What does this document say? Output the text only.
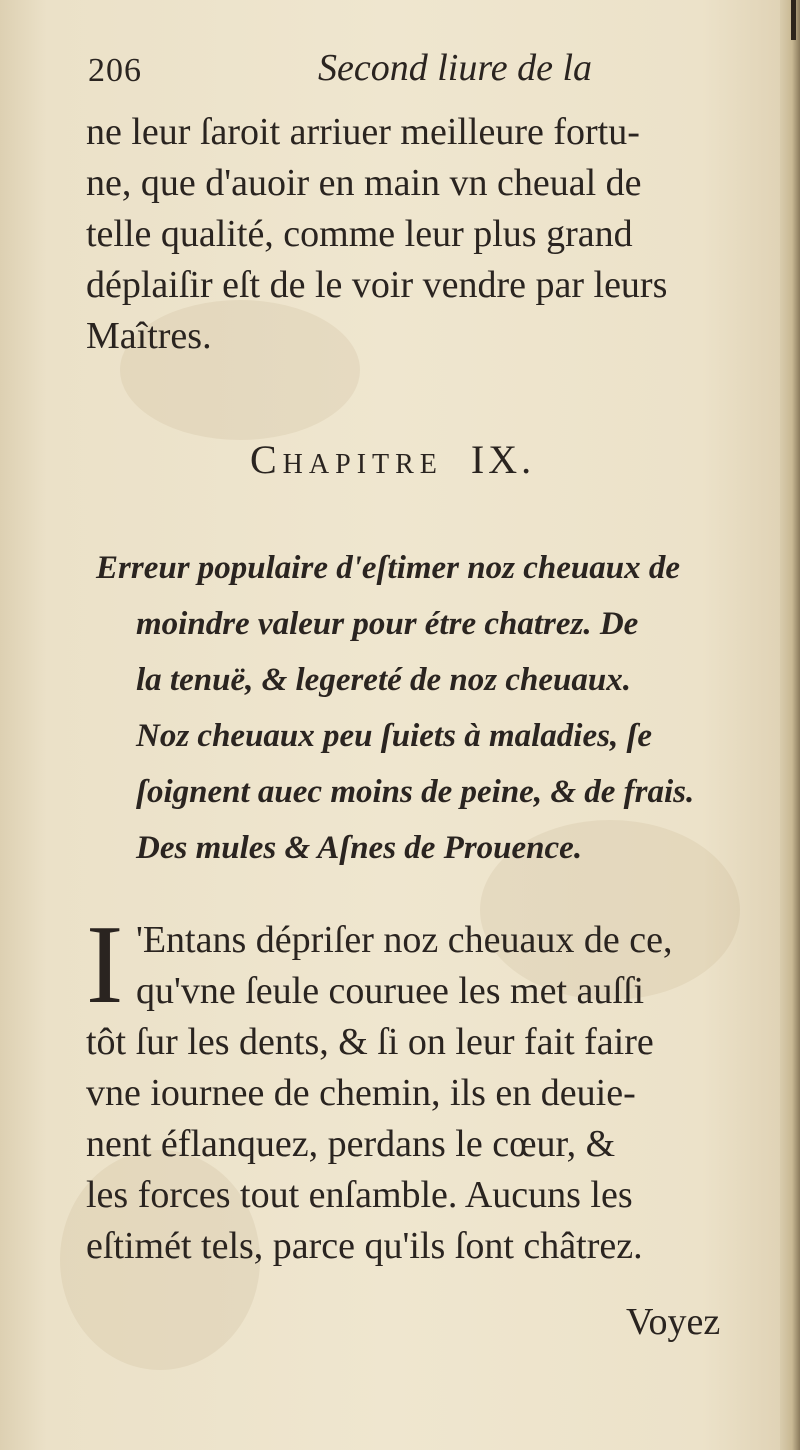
206	Second liure de la
ne leur ſaroit arriuer meilleure fortu-
ne, que d'auoir en main vn cheual de
telle qualité, comme leur plus grand
déplaiſir eſt de le voir vendre par leurs
Maîtres.
Chapitre IX.
Erreur populaire d'eſtimer noz cheuaux de
moindre valeur pour étre chatrez. De
la tenuë, & legereté de noz cheuaux.
Noz cheuaux peu ſuiets à maladies, ſe
ſoignent auec moins de peine, & de frais.
Des mules & Aſnes de Prouence.
I 'Entans dépriſer noz cheuaux de ce,
qu'vne ſeule couruee les met auſſi
tôt ſur les dents, & ſi on leur fait faire
vne iournee de chemin, ils en deuie-
nent éflanquez, perdans le cœur, &
les forces tout enſamble. Aucuns les
eſtimét tels, parce qu'ils ſont châtrez.
Voyez
